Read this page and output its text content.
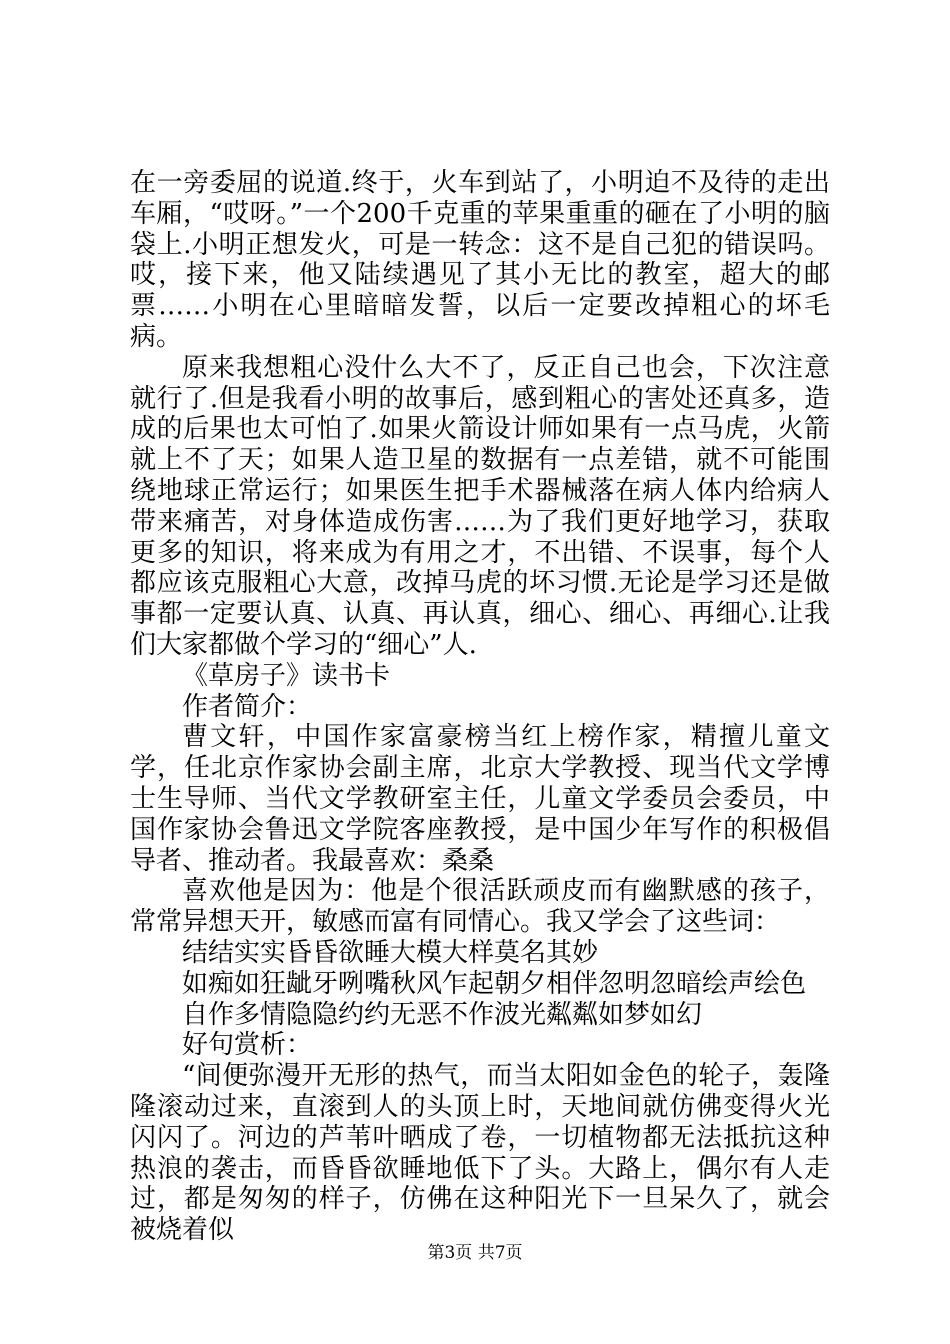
在一旁委屈的说道.终于，火车到站了，小明迫不及待的走出车厢，“哎呀。”一个200千克重的苹果重重的砸在了小明的脑袋上.小明正想发火，可是一转念：这不是自己犯的错误吗。哎，接下来，他又陆续遇见了其小无比的教室，超大的邮票……小明在心里暗暗发誓，以后一定要改掉粗心的坏毛病。

原来我想粗心没什么大不了，反正自己也会，下次注意就行了.但是我看小明的故事后，感到粗心的害处还真多，造成的后果也太可怕了.如果火箭设计师如果有一点马虎，火箭就上不了天；如果人造卫星的数据有一点差错，就不可能围绕地球正常运行；如果医生把手术器械落在病人体内给病人带来痛苦，对身体造成伤害……为了我们更好地学习，获取更多的知识，将来成为有用之才，不出错、不误事，每个人都应该克服粗心大意，改掉马虎的坏习惯.无论是学习还是做事都一定要认真、认真、再认真，细心、细心、再细心.让我们大家都做个学习的“细心”人.

《草房子》读书卡

作者简介：

曹文轩，中国作家富豪榜当红上榜作家，精擅儿童文学，任北京作家协会副主席，北京大学教授、现当代文学博士生导师、当代文学教研室主任，儿童文学委员会委员，中国作家协会鲁迅文学院客座教授，是中国少年写作的积极倡导者、推动者。我最喜欢：桑桑

喜欢他是因为：他是个很活跃顽皮而有幽默感的孩子，常常异想天开，敏感而富有同情心。我又学会了这些词：

结结实实昏昏欲睡大模大样莫名其妙

如痴如狂龇牙咧嘴秋风乍起朝夕相伴忽明忽暗绘声绘色

自作多情隐隐约约无恶不作波光粼粼如梦如幻

好句赏析：

“间便弥漫开无形的热气，而当太阳如金色的轮子，轰隆隆滚动过来，直滚到人的头顶上时，天地间就仿佛变得火光闪闪了。河边的芦苇叶晒成了卷，一切植物都无法抵抗这种热浪的袭击，而昏昏欲睡地低下了头。大路上，偶尔有人走过，都是匆匆的样子，仿佛在这种阳光下一旦呆久了，就会被烧着似

第3页 共7页
